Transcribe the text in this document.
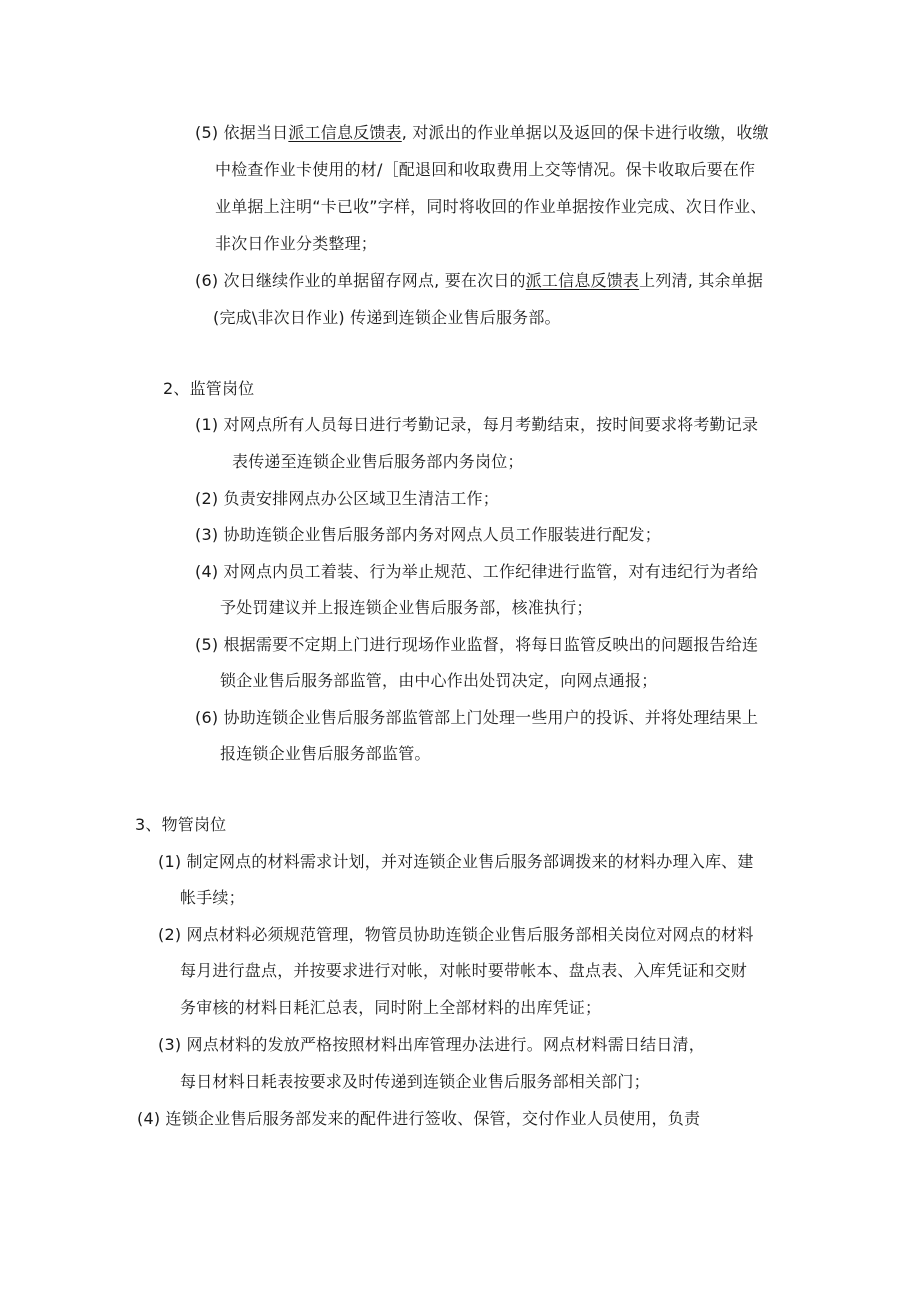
(5) 依据当日派工信息反馈表, 对派出的作业单据以及返回的保卡进行收缴，收缴
中检查作业卡使用的材/［配退回和收取费用上交等情况。保卡收取后要在作
业单据上注明“卡已收”字样，同时将收回的作业单据按作业完成、次日作业、
非次日作业分类整理；
(6) 次日继续作业的单据留存网点, 要在次日的派工信息反馈表上列清, 其余单据
(完成\非次日作业) 传递到连锁企业售后服务部。
2、监管岗位
(1) 对网点所有人员每日进行考勤记录，每月考勤结束，按时间要求将考勤记录
表传递至连锁企业售后服务部内务岗位；
(2) 负责安排网点办公区域卫生清洁工作；
(3) 协助连锁企业售后服务部内务对网点人员工作服装进行配发；
(4) 对网点内员工着装、行为举止规范、工作纪律进行监管，对有违纪行为者给
予处罚建议并上报连锁企业售后服务部，核准执行；
(5) 根据需要不定期上门进行现场作业监督，将每日监管反映出的问题报告给连
锁企业售后服务部监管，由中心作出处罚决定，向网点通报；
(6) 协助连锁企业售后服务部监管部上门处理一些用户的投诉、并将处理结果上
报连锁企业售后服务部监管。
3、物管岗位
(1) 制定网点的材料需求计划，并对连锁企业售后服务部调拨来的材料办理入库、建
帐手续；
(2) 网点材料必须规范管理，物管员协助连锁企业售后服务部相关岗位对网点的材料
每月进行盘点，并按要求进行对帐，对帐时要带帐本、盘点表、入库凭证和交财
务审核的材料日耗汇总表，同时附上全部材料的出库凭证；
(3) 网点材料的发放严格按照材料出库管理办法进行。网点材料需日结日清，
每日材料日耗表按要求及时传递到连锁企业售后服务部相关部门；
(4) 连锁企业售后服务部发来的配件进行签收、保管，交付作业人员使用，负责
